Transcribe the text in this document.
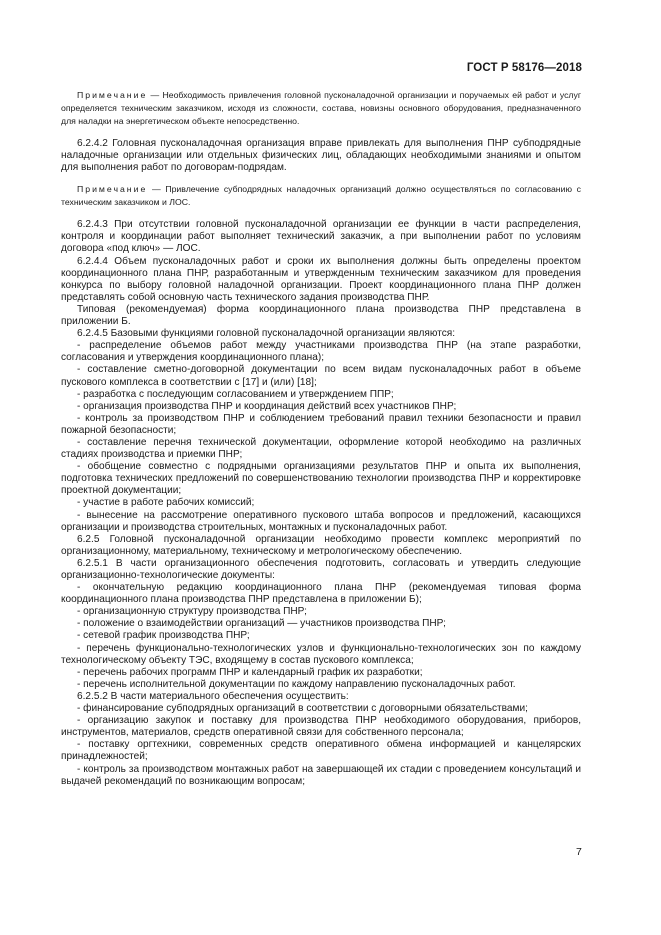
ГОСТ Р 58176—2018

Примечание — Необходимость привлечения головной пусконаладочной организации и поручаемых ей работ и услуг определяется техническим заказчиком, исходя из сложности, состава, новизны основного оборудования, предназначенного для наладки на энергетическом объекте непосредственно.

6.2.4.2 Головная пусконаладочная организация вправе привлекать для выполнения ПНР субподрядные наладочные организации или отдельных физических лиц, обладающих необходимыми знаниями и опытом для выполнения работ по договорам-подрядам.

Примечание — Привлечение субподрядных наладочных организаций должно осуществляться по согласованию с техническим заказчиком и ЛОС.

6.2.4.3 При отсутствии головной пусконаладочной организации ее функции в части распределения, контроля и координации работ выполняет технический заказчик, а при выполнении работ по условиям договора «под ключ» — ЛОС.

6.2.4.4 Объем пусконаладочных работ и сроки их выполнения должны быть определены проектом координационного плана ПНР, разработанным и утвержденным техническим заказчиком для проведения конкурса по выбору головной наладочной организации. Проект координационного плана ПНР должен представлять собой основную часть технического задания производства ПНР.

Типовая (рекомендуемая) форма координационного плана производства ПНР представлена в приложении Б.

6.2.4.5 Базовыми функциями головной пусконаладочной организации являются:

- распределение объемов работ между участниками производства ПНР (на этапе разработки, согласования и утверждения координационного плана);

- составление сметно-договорной документации по всем видам пусконаладочных работ в объеме пускового комплекса в соответствии с [17] и (или) [18];

- разработка с последующим согласованием и утверждением ППР;

- организация производства ПНР и координация действий всех участников ПНР;

- контроль за производством ПНР и соблюдением требований правил техники безопасности и правил пожарной безопасности;

- составление перечня технической документации, оформление которой необходимо на различных стадиях производства и приемки ПНР;

- обобщение совместно с подрядными организациями результатов ПНР и опыта их выполнения, подготовка технических предложений по совершенствованию технологии производства ПНР и корректировке проектной документации;

- участие в работе рабочих комиссий;

- вынесение на рассмотрение оперативного пускового штаба вопросов и предложений, касающихся организации и производства строительных, монтажных и пусконаладочных работ.

6.2.5 Головной пусконаладочной организации необходимо провести комплекс мероприятий по организационному, материальному, техническому и метрологическому обеспечению.

6.2.5.1 В части организационного обеспечения подготовить, согласовать и утвердить следующие организационно-технологические документы:

- окончательную редакцию координационного плана ПНР (рекомендуемая типовая форма координационного плана производства ПНР представлена в приложении Б);

- организационную структуру производства ПНР;

- положение о взаимодействии организаций — участников производства ПНР;

- сетевой график производства ПНР;

- перечень функционально-технологических узлов и функционально-технологических зон по каждому технологическому объекту ТЭС, входящему в состав пускового комплекса;

- перечень рабочих программ ПНР и календарный график их разработки;

- перечень исполнительной документации по каждому направлению пусконаладочных работ.

6.2.5.2 В части материального обеспечения осуществить:

- финансирование субподрядных организаций в соответствии с договорными обязательствами;

- организацию закупок и поставку для производства ПНР необходимого оборудования, приборов, инструментов, материалов, средств оперативной связи для собственного персонала;

- поставку оргтехники, современных средств оперативного обмена информацией и канцелярских принадлежностей;

- контроль за производством монтажных работ на завершающей их стадии с проведением консультаций и выдачей рекомендаций по возникающим вопросам;

7
